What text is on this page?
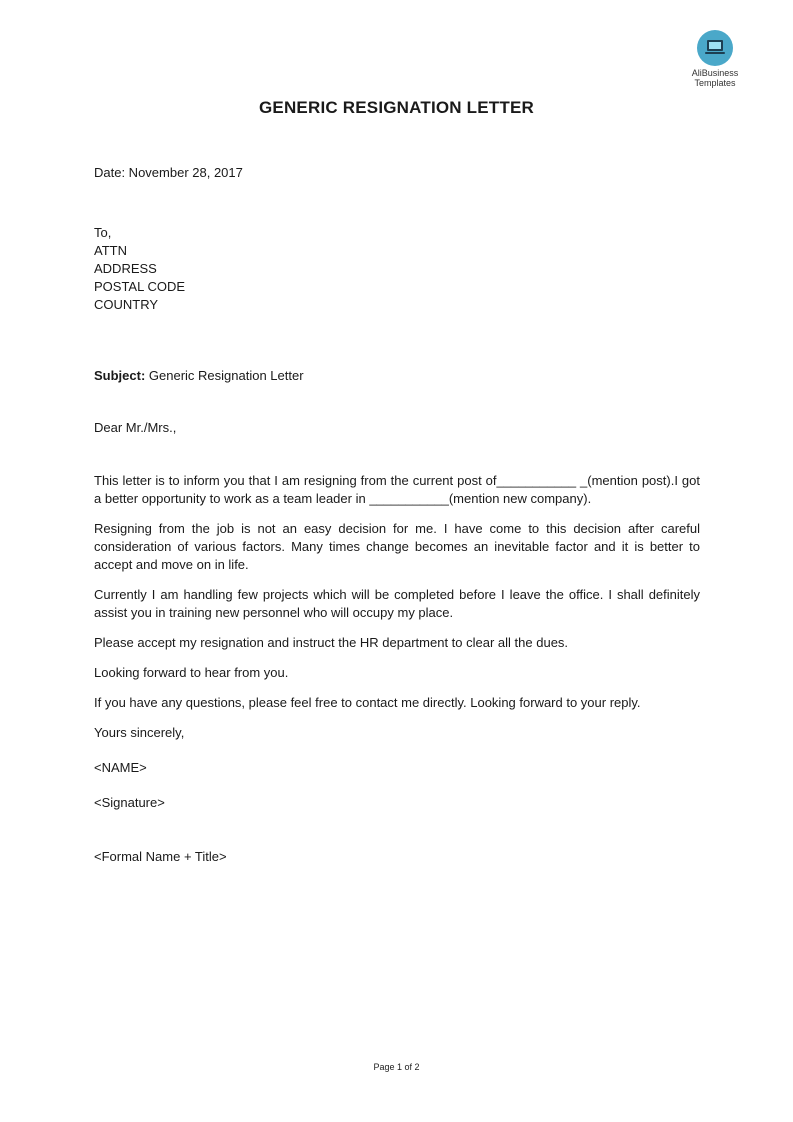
AliBusiness
Templates
GENERIC RESIGNATION LETTER
Date: November 28, 2017
To,
ATTN
ADDRESS
POSTAL CODE
COUNTRY
Subject: Generic Resignation Letter
Dear Mr./Mrs.,

This letter is to inform you that I am resigning from the current post of___________ _(mention post).I got a better opportunity to work as a team leader in ___________(mention new company).

Resigning from the job is not an easy decision for me. I have come to this decision after careful consideration of various factors. Many times change becomes an inevitable factor and it is better to accept and move on in life.

Currently I am handling few projects which will be completed before I leave the office. I shall definitely assist you in training new personnel who will occupy my place.

Please accept my resignation and instruct the HR department to clear all the dues.

Looking forward to hear from you.

If you have any questions, please feel free to contact me directly. Looking forward to your reply.

Yours sincerely,

<NAME>

<Signature>

<Formal Name + Title>

Page 1 of 2
